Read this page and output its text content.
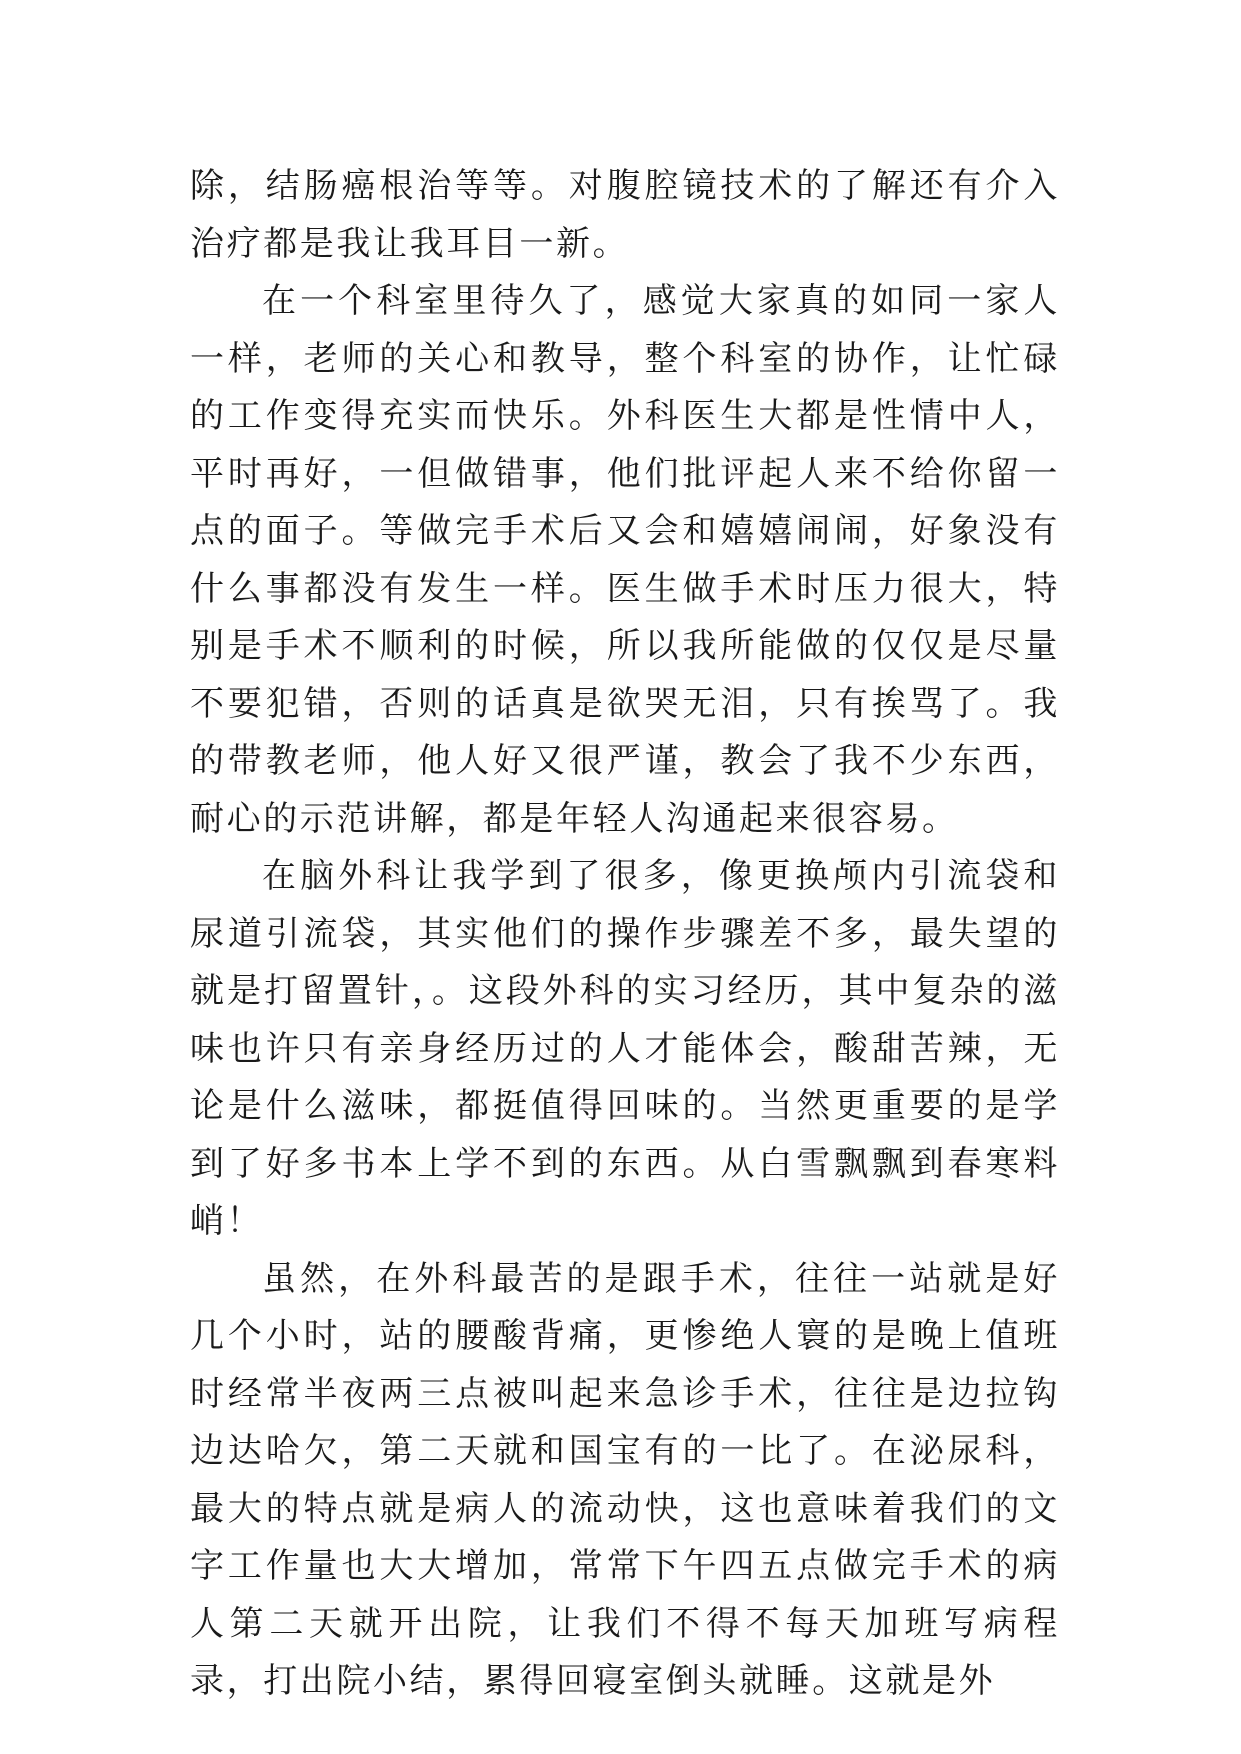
除，结肠癌根治等等。对腹腔镜技术的了解还有介入治疗都是我让我耳目一新。

在一个科室里待久了，感觉大家真的如同一家人一样，老师的关心和教导，整个科室的协作，让忙碌的工作变得充实而快乐。外科医生大都是性情中人，平时再好，一但做错事，他们批评起人来不给你留一点的面子。等做完手术后又会和嬉嬉闹闹，好象没有什么事都没有发生一样。医生做手术时压力很大，特别是手术不顺利的时候，所以我所能做的仅仅是尽量不要犯错，否则的话真是欲哭无泪，只有挨骂了。我的带教老师，他人好又很严谨，教会了我不少东西，耐心的示范讲解，都是年轻人沟通起来很容易。

在脑外科让我学到了很多，像更换颅内引流袋和尿道引流袋，其实他们的操作步骤差不多，最失望的就是打留置针，。这段外科的实习经历，其中复杂的滋味也许只有亲身经历过的人才能体会，酸甜苦辣，无论是什么滋味，都挺值得回味的。当然更重要的是学到了好多书本上学不到的东西。从白雪飘飘到春寒料峭！

虽然，在外科最苦的是跟手术，往往一站就是好几个小时，站的腰酸背痛，更惨绝人寰的是晚上值班时经常半夜两三点被叫起来急诊手术，往往是边拉钩边达哈欠，第二天就和国宝有的一比了。在泌尿科，最大的特点就是病人的流动快，这也意味着我们的文字工作量也大大增加，常常下午四五点做完手术的病人第二天就开出院，让我们不得不每天加班写病程录，打出院小结，累得回寝室倒头就睡。这就是外
